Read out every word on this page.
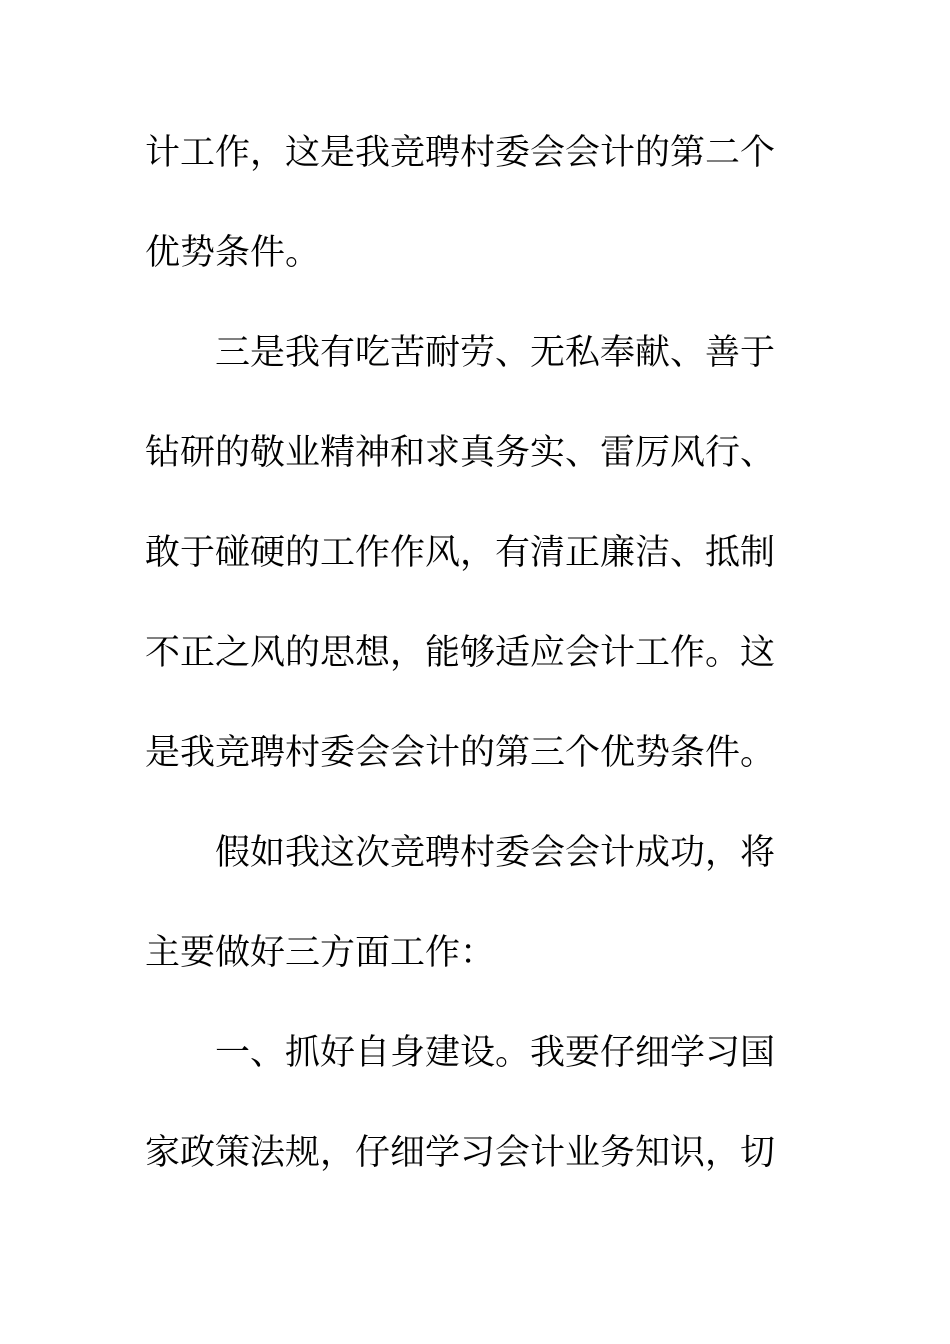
计工作，这是我竞聘村委会会计的第二个
优势条件。
三是我有吃苦耐劳、无私奉献、善于
钻研的敬业精神和求真务实、雷厉风行、
敢于碰硬的工作作风，有清正廉洁、抵制
不正之风的思想，能够适应会计工作。这
是我竞聘村委会会计的第三个优势条件。
假如我这次竞聘村委会会计成功，将
主要做好三方面工作：
一、抓好自身建设。我要仔细学习国
家政策法规，仔细学习会计业务知识，切
